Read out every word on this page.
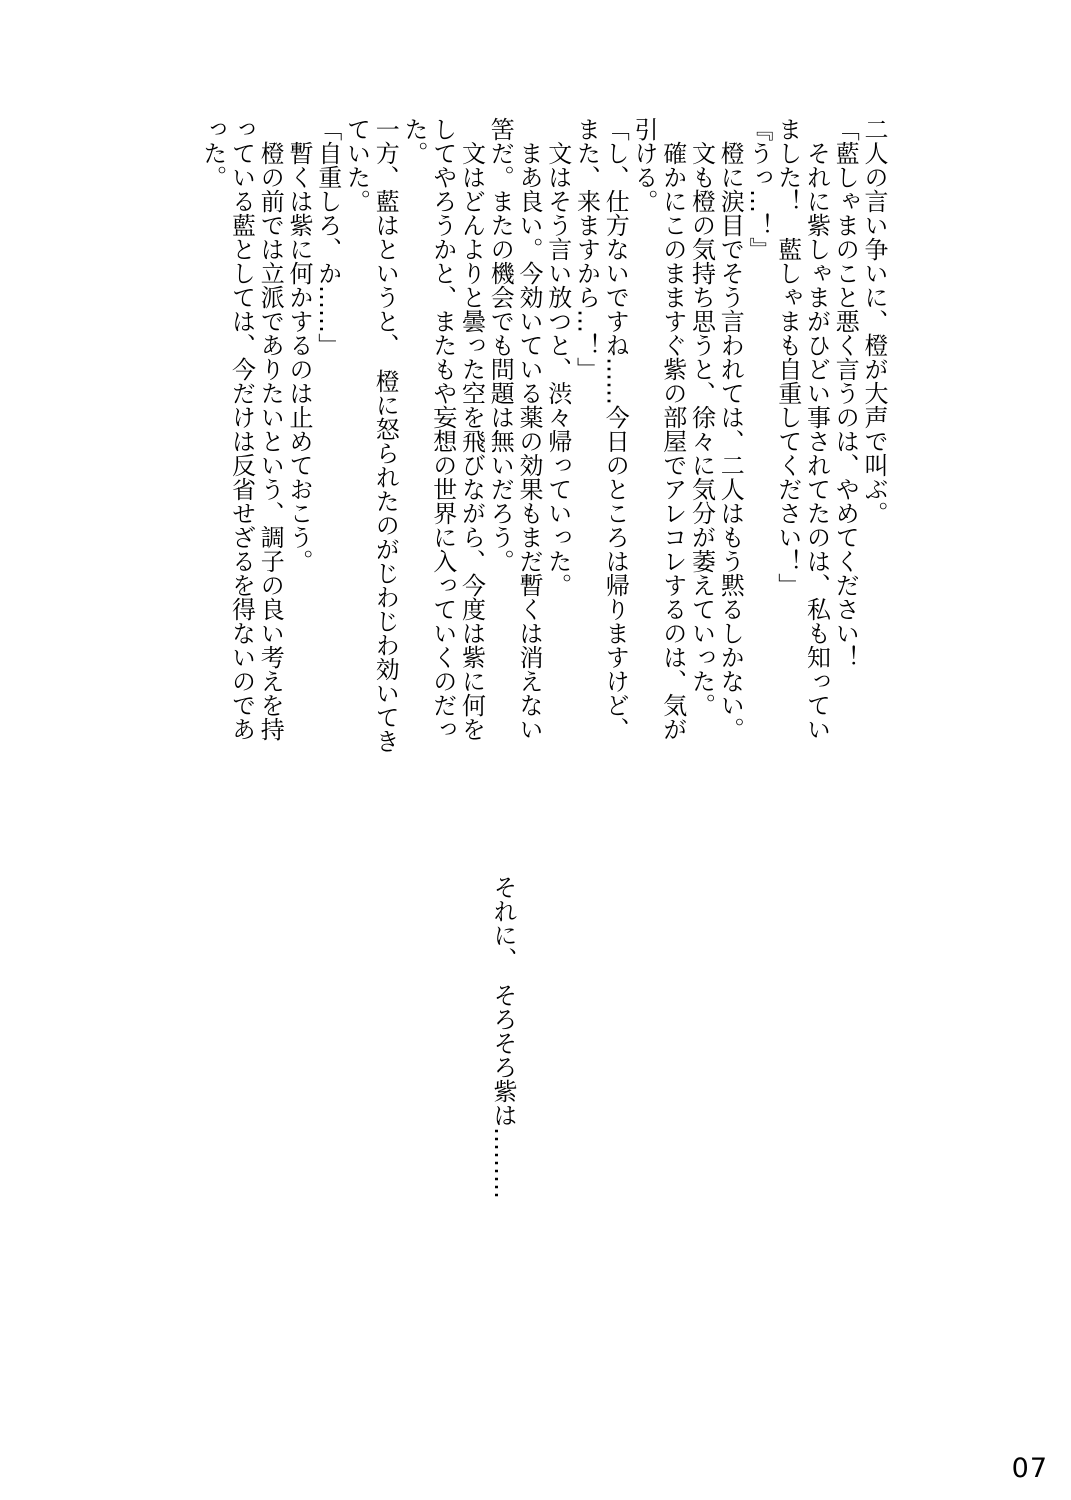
二人の言い争いに、橙が大声で叫ぶ。
「藍しゃまのこと悪く言うのは、やめてください！
　それに紫しゃまがひどい事されてたのは、私も知ってい
ました！　藍しゃまも自重してください！」
『うっ…！』
　橙に涙目でそう言われては、二人はもう黙るしかない。
　文も橙の気持ち思うと、徐々に気分が萎えていった。
　確かにこのまますぐ紫の部屋でアレコレするのは、気が
引ける。
「し、仕方ないですね……今日のところは帰りますけど、
また、来ますから…！」
　文はそう言い放つと、渋々帰っていった。
　まあ良い。今効いている薬の効果もまだ暫くは消えない
筈だ。またの機会でも問題は無いだろう。
　文はどんよりと曇った空を飛びながら、今度は紫に何を
してやろうかと、またもや妄想の世界に入っていくのだっ
た。
一方、藍はというと、　橙に怒られたのがじわじわ効いてき
ていた。
「自重しろ、か……」
　暫くは紫に何かするのは止めておこう。
　橙の前では立派でありたいという、調子の良い考えを持
っている藍としては、今だけは反省せざるを得ないのであ
った。
それに、　そろそろ紫は………
07
